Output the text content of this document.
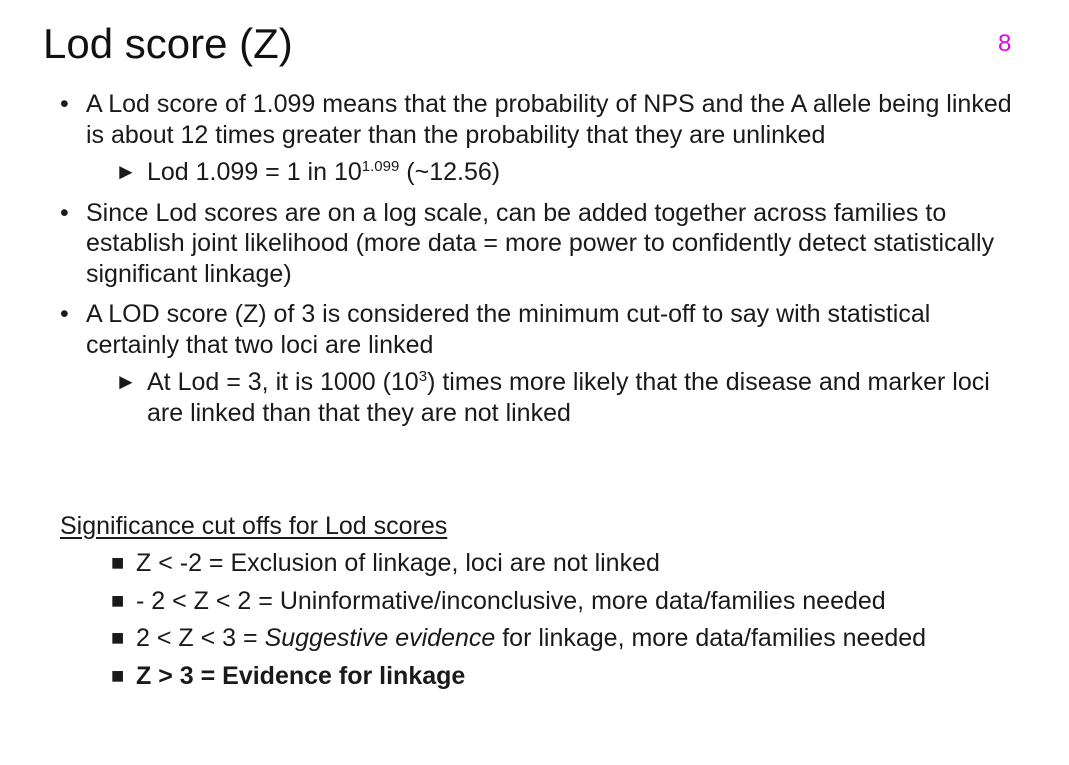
Lod score (Z)	8
• A Lod score of 1.099 means that the probability of NPS and the A allele being linked is about 12 times greater than the probability that they are unlinked
► Lod 1.099 = 1 in $10^{1.099}$ (~12.56)
• Since Lod scores are on a log scale, can be added together across families to establish joint likelihood (more data = more power to confidently detect statistically significant linkage)
• A LOD score (Z) of 3 is considered the minimum cut-off to say with statistical certainly that two loci are linked
► At Lod = 3, it is 1000 $(10^3)$ times more likely that the disease and marker loci are linked than that they are not linked
Significance cut offs for Lod scores
■ Z < -2 = Exclusion of linkage, loci are not linked
■ - 2 < Z < 2 = Uninformative/inconclusive, more data/families needed
■ 2 < Z < 3 = Suggestive evidence for linkage, more data/families needed
■ Z > 3 = Evidence for linkage
